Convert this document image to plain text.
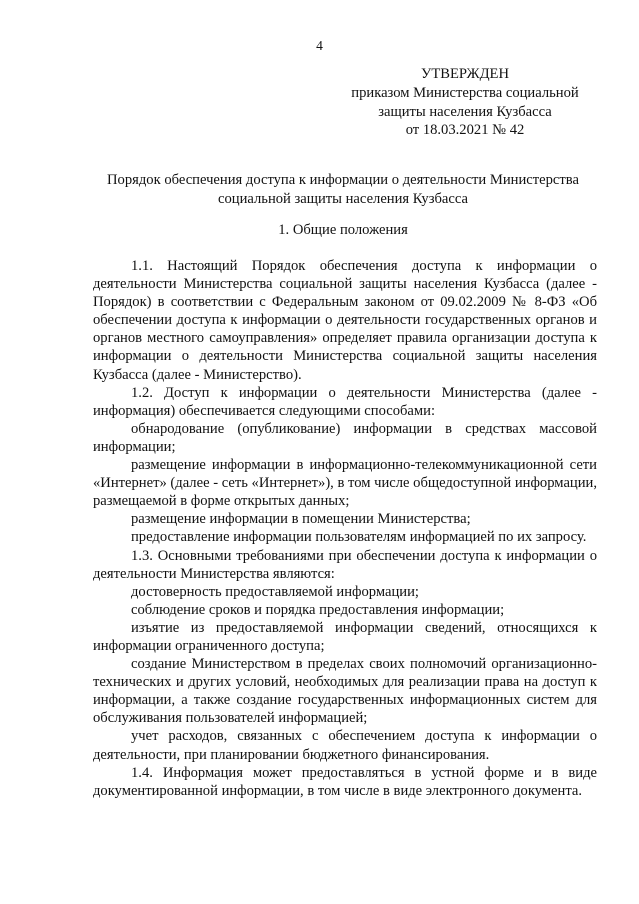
4
УТВЕРЖДЕН
приказом Министерства социальной
защиты населения Кузбасса
от 18.03.2021 № 42
Порядок обеспечения доступа к информации о деятельности Министерства
социальной защиты населения Кузбасса
1. Общие положения

1.1. Настоящий Порядок обеспечения доступа к информации о деятельности Министерства социальной защиты населения Кузбасса (далее - Порядок) в соответствии с Федеральным законом от 09.02.2009 № 8-ФЗ «Об обеспечении доступа к информации о деятельности государственных органов и органов местного самоуправления» определяет правила организации доступа к информации о деятельности Министерства социальной защиты населения Кузбасса (далее - Министерство).

1.2. Доступ к информации о деятельности Министерства (далее - информация) обеспечивается следующими способами:

обнародование (опубликование) информации в средствах массовой информации;

размещение информации в информационно-телекоммуникационной сети «Интернет» (далее - сеть «Интернет»), в том числе общедоступной информации, размещаемой в форме открытых данных;

размещение информации в помещении Министерства;

предоставление информации пользователям информацией по их запросу.

1.3. Основными требованиями при обеспечении доступа к информации о деятельности Министерства являются:

достоверность предоставляемой информации;

соблюдение сроков и порядка предоставления информации;

изъятие из предоставляемой информации сведений, относящихся к информации ограниченного доступа;

создание Министерством в пределах своих полномочий организационно-технических и других условий, необходимых для реализации права на доступ к информации, а также создание государственных информационных систем для обслуживания пользователей информацией;

учет расходов, связанных с обеспечением доступа к информации о деятельности, при планировании бюджетного финансирования.

1.4. Информация может предоставляться в устной форме и в виде документированной информации, в том числе в виде электронного документа.
